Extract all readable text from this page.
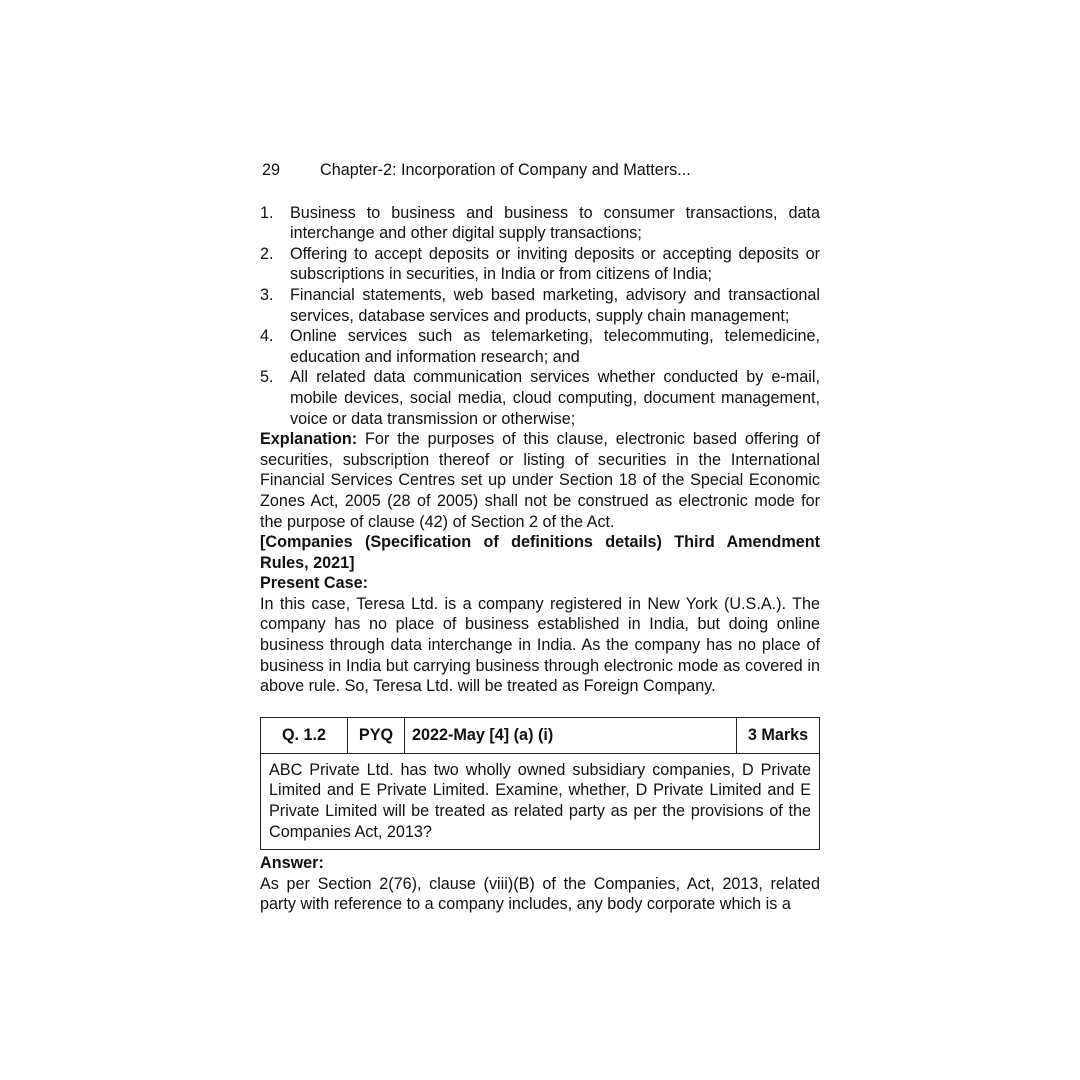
29	Chapter-2: Incorporation of Company and Matters...
1.	Business to business and business to consumer transactions, data interchange and other digital supply transactions;
2.	Offering to accept deposits or inviting deposits or accepting deposits or subscriptions in securities, in India or from citizens of India;
3.	Financial statements, web based marketing, advisory and transactional services, database services and products, supply chain management;
4.	Online services such as telemarketing, telecommuting, telemedicine, education and information research; and
5.	All related data communication services whether conducted by e-mail, mobile devices, social media, cloud computing, document management, voice or data transmission or otherwise;

Explanation: For the purposes of this clause, electronic based offering of securities, subscription thereof or listing of securities in the International Financial Services Centres set up under Section 18 of the Special Economic Zones Act, 2005 (28 of 2005) shall not be construed as electronic mode for the purpose of clause (42) of Section 2 of the Act.

[Companies (Specification of definitions details) Third Amendment Rules, 2021]

Present Case:

In this case, Teresa Ltd. is a company registered in New York (U.S.A.). The company has no place of business established in India, but doing online business through data interchange in India. As the company has no place of business in India but carrying business through electronic mode as covered in above rule. So, Teresa Ltd. will be treated as Foreign Company.

Q. 1.2	PYQ	2022-May [4] (a) (i)	3 Marks
ABC Private Ltd. has two wholly owned subsidiary companies, D Private Limited and E Private Limited. Examine, whether, D Private Limited and E Private Limited will be treated as related party as per the provisions of the Companies Act, 2013?

Answer:

As per Section 2(76), clause (viii)(B) of the Companies, Act, 2013, related party with reference to a company includes, any body corporate which is a
